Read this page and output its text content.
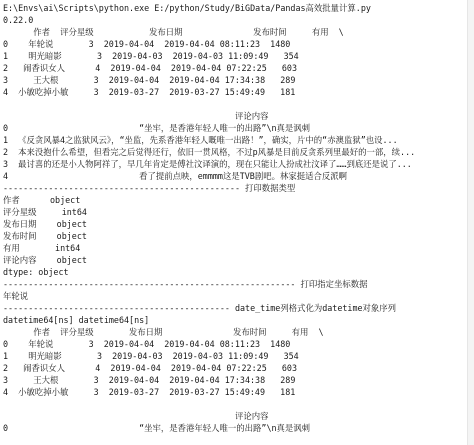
E:\Envs\ai\Scripts\python.exe E:/python/Study/BiGData/Pandas高效批量计算.py
0.22.0
作者  评分星级           发布日期              发布时间     有用  \
0    年轮说       3  2019-04-04  2019-04-04 08:11:23  1480
1    明光暗影       3  2019-04-03  2019-04-03 11:09:49   354
2   闹香识女人      4  2019-04-04  2019-04-04 07:22:25   603
3     王大根       3  2019-04-04  2019-04-04 17:34:38   289
4  小敏吃掉小敏     3  2019-03-27  2019-03-27 15:49:49   181
评论内容
0                          “坐牢，是香港年轻人唯一的出路”\n真是讽刺
1  《反贪风暴4之监狱风云》，“坐监，先系香港年轻人嘅唯一出路！”，确实，片中的“赤澳监狱”也设...
2  本来没抱什么希望，但看完之后觉得还行，依旧一贯风格，不过p风暴是目前反贪系列里最好的一部，续...
3  最讨喜的还是小人物阿祥了，早几年肯定是傅社汶译演的，现在只能让人扮成社汶译了……到底还是说了...
4                          看了提前点映，emmmm这是TVB剧吧。林家挺适合反派啊
----------------------------------------------- 打印数据类型
作者      object
评分星级     int64
发布日期    object
发布时间    object
有用       int64
评论内容    object
dtype: object
---------------------------------------------------------- 打印指定坐标数据
年轮说
--------------------------------------------- date_time列格式化为datetime对象序列
datetime64[ns] datetime64[ns]
作者  评分星级       发布日期              发布时间     有用  \
0    年轮说       3  2019-04-04  2019-04-04 08:11:23  1480
1    明光暗影       3  2019-04-03  2019-04-03 11:09:49   354
2   闹香识女人      4  2019-04-04  2019-04-04 07:22:25   603
3     王大根       3  2019-04-04  2019-04-04 17:34:38   289
4  小敏吃掉小敏     3  2019-03-27  2019-03-27 15:49:49   181
评论内容
0                          “坐牢，是香港年轻人唯一的出路”\n真是讽刺
